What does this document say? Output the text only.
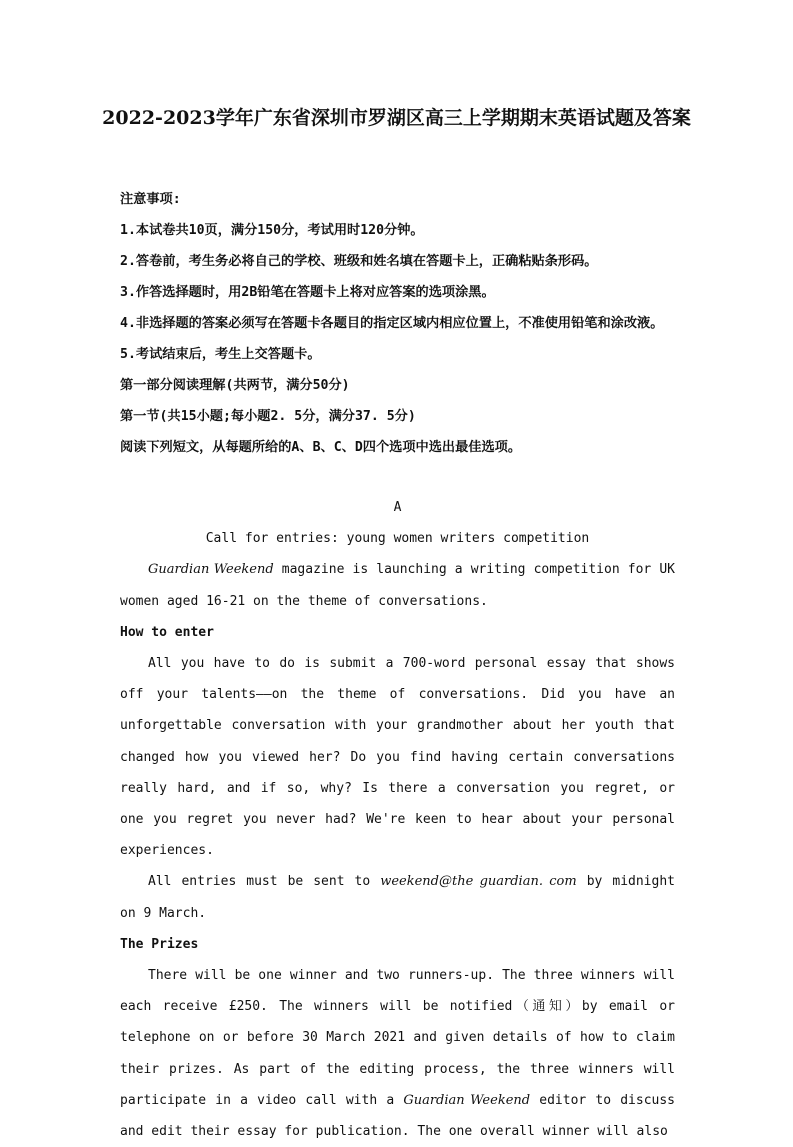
2022-2023学年广东省深圳市罗湖区高三上学期期末英语试题及答案

注意事项:

1.本试卷共10页，满分150分，考试用时120分钟。

2.答卷前，考生务必将自己的学校、班级和姓名填在答题卡上，正确粘贴条形码。

3.作答选择题时，用2B铅笔在答题卡上将对应答案的选项涂黑。

4.非选择题的答案必须写在答题卡各题目的指定区域内相应位置上，不准使用铅笔和涂改液。

5.考试结束后，考生上交答题卡。

第一部分阅读理解(共两节，满分50分)

第一节(共15小题;每小题2. 5分，满分37. 5分)

阅读下列短文，从每题所给的A、B、C、D四个选项中选出最佳选项。

A

Call for entries: young women writers competition

Guardian Weekend magazine is launching a writing competition for UK women aged 16-21 on the theme of conversations.

How to enter

All you have to do is submit a 700-word personal essay that shows off your talents——on the theme of conversations. Did you have an unforgettable conversation with your grandmother about her youth that changed how you viewed her? Do you find having certain conversations really hard, and if so, why? Is there a conversation you regret, or one you regret you never had? We're keen to hear about your personal experiences.

All entries must be sent to weekend@the guardian. com by midnight on 9 March.

The Prizes

There will be one winner and two runners-up. The three winners will each receive £250. The winners will be notified（通知）by email or telephone on or before 30 March 2021 and given details of how to claim their prizes. As part of the editing process, the three winners will participate in a video call with a Guardian Weekend editor to discuss and edit their essay for publication. The one overall winner will also
